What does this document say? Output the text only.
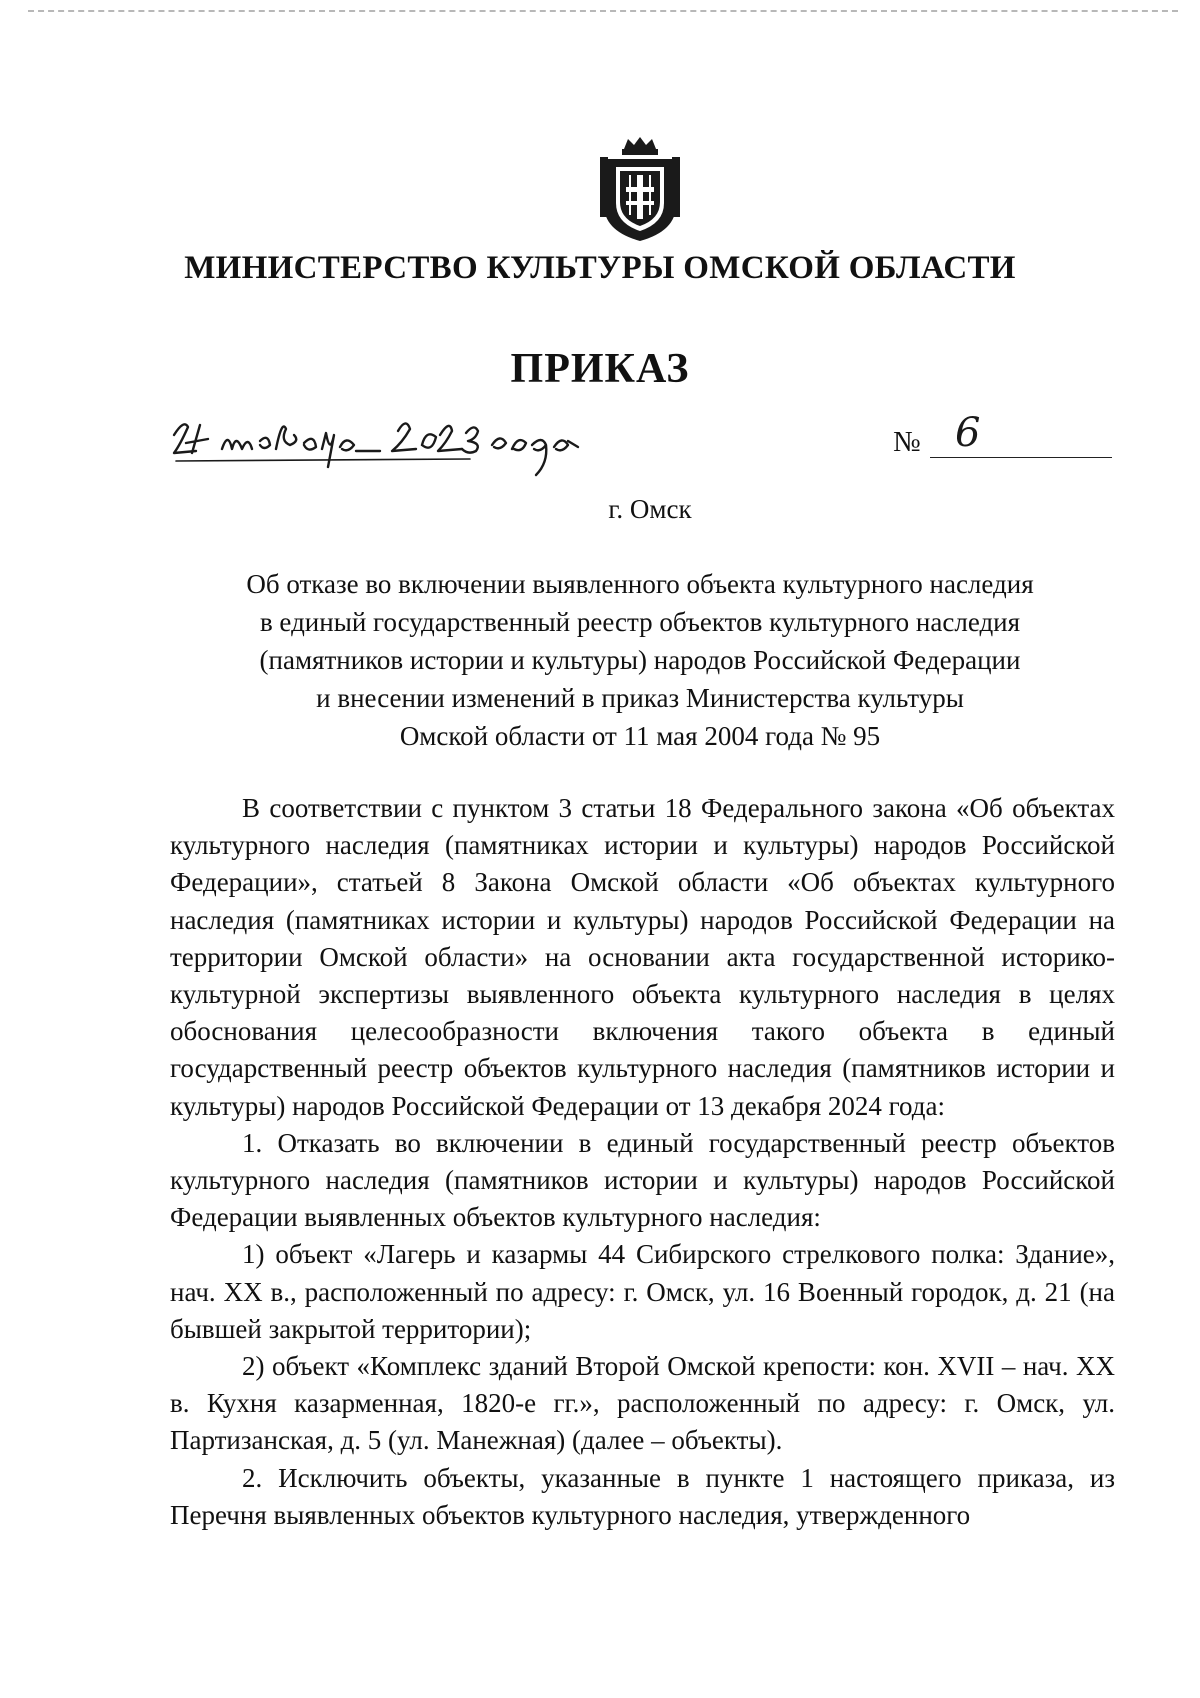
МИНИСТЕРСТВО КУЛЬТУРЫ ОМСКОЙ ОБЛАСТИ
ПРИКАЗ
№ 6
г. Омск
Об отказе во включении выявленного объекта культурного наследия
в единый государственный реестр объектов культурного наследия
(памятников истории и культуры) народов Российской Федерации
и внесении изменений в приказ Министерства культуры
Омской области от 11 мая 2004 года № 95

В соответствии с пунктом 3 статьи 18 Федерального закона «Об объектах культурного наследия (памятниках истории и культуры) народов Российской Федерации», статьей 8 Закона Омской области «Об объектах культурного наследия (памятниках истории и культуры) народов Российской Федерации на территории Омской области» на основании акта государственной историко-культурной экспертизы выявленного объекта культурного наследия в целях обоснования целесообразности включения такого объекта в единый государственный реестр объектов культурного наследия (памятников истории и культуры) народов Российской Федерации от 13 декабря 2024 года:

1. Отказать во включении в единый государственный реестр объектов культурного наследия (памятников истории и культуры) народов Российской Федерации выявленных объектов культурного наследия:

1) объект «Лагерь и казармы 44 Сибирского стрелкового полка: Здание», нач. XX в., расположенный по адресу: г. Омск, ул. 16 Военный городок, д. 21 (на бывшей закрытой территории);

2) объект «Комплекс зданий Второй Омской крепости: кон. XVII – нач. XX в. Кухня казарменная, 1820-е гг.», расположенный по адресу: г. Омск, ул. Партизанская, д. 5 (ул. Манежная) (далее – объекты).

2. Исключить объекты, указанные в пункте 1 настоящего приказа, из Перечня выявленных объектов культурного наследия, утвержденного
